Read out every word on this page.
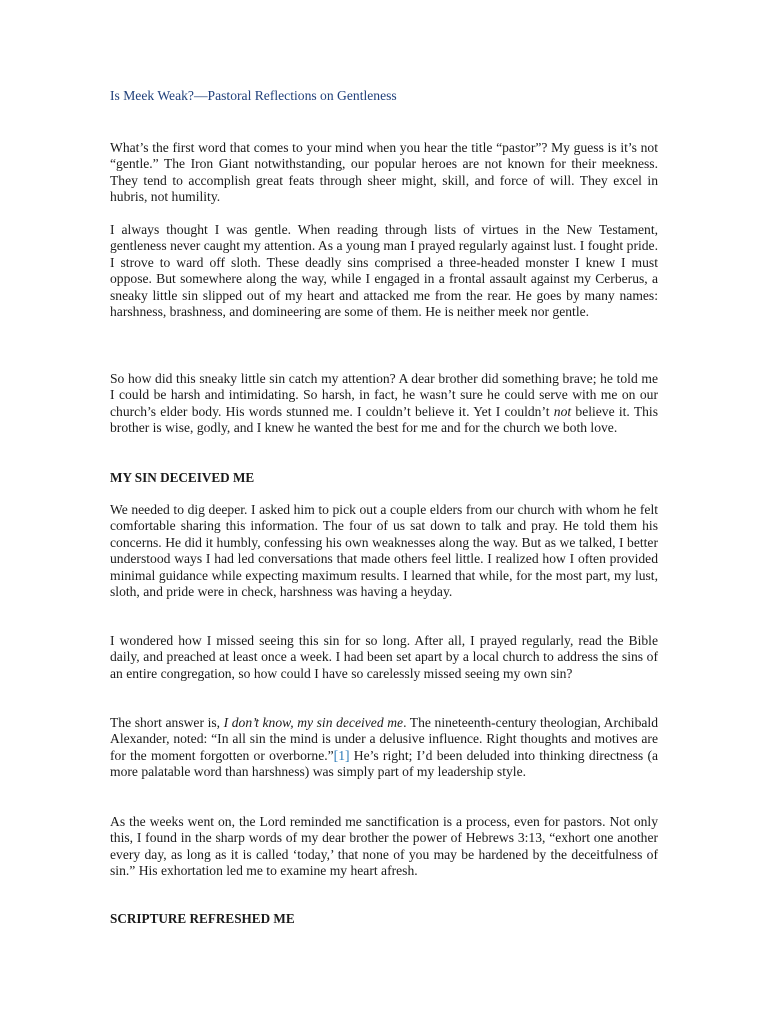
Is Meek Weak?—Pastoral Reflections on Gentleness

What’s the first word that comes to your mind when you hear the title “pastor”? My guess is it’s not “gentle.” The Iron Giant notwithstanding, our popular heroes are not known for their meekness. They tend to accomplish great feats through sheer might, skill, and force of will. They excel in hubris, not humility.

I always thought I was gentle. When reading through lists of virtues in the New Testament, gentleness never caught my attention. As a young man I prayed regularly against lust. I fought pride. I strove to ward off sloth. These deadly sins comprised a three-headed monster I knew I must oppose. But somewhere along the way, while I engaged in a frontal assault against my Cerberus, a sneaky little sin slipped out of my heart and attacked me from the rear. He goes by many names: harshness, brashness, and domineering are some of them. He is neither meek nor gentle.

So how did this sneaky little sin catch my attention? A dear brother did something brave; he told me I could be harsh and intimidating. So harsh, in fact, he wasn’t sure he could serve with me on our church’s elder body. His words stunned me. I couldn’t believe it. Yet I couldn’t not believe it. This brother is wise, godly, and I knew he wanted the best for me and for the church we both love.

MY SIN DECEIVED ME

We needed to dig deeper. I asked him to pick out a couple elders from our church with whom he felt comfortable sharing this information. The four of us sat down to talk and pray. He told them his concerns. He did it humbly, confessing his own weaknesses along the way. But as we talked, I better understood ways I had led conversations that made others feel little. I realized how I often provided minimal guidance while expecting maximum results. I learned that while, for the most part, my lust, sloth, and pride were in check, harshness was having a heyday.

I wondered how I missed seeing this sin for so long. After all, I prayed regularly, read the Bible daily, and preached at least once a week. I had been set apart by a local church to address the sins of an entire congregation, so how could I have so carelessly missed seeing my own sin?

The short answer is, I don’t know, my sin deceived me. The nineteenth-century theologian, Archibald Alexander, noted: “In all sin the mind is under a delusive influence. Right thoughts and motives are for the moment forgotten or overborne.”[1] He’s right; I’d been deluded into thinking directness (a more palatable word than harshness) was simply part of my leadership style.

As the weeks went on, the Lord reminded me sanctification is a process, even for pastors. Not only this, I found in the sharp words of my dear brother the power of Hebrews 3:13, “exhort one another every day, as long as it is called ‘today,’ that none of you may be hardened by the deceitfulness of sin.” His exhortation led me to examine my heart afresh.

SCRIPTURE REFRESHED ME
